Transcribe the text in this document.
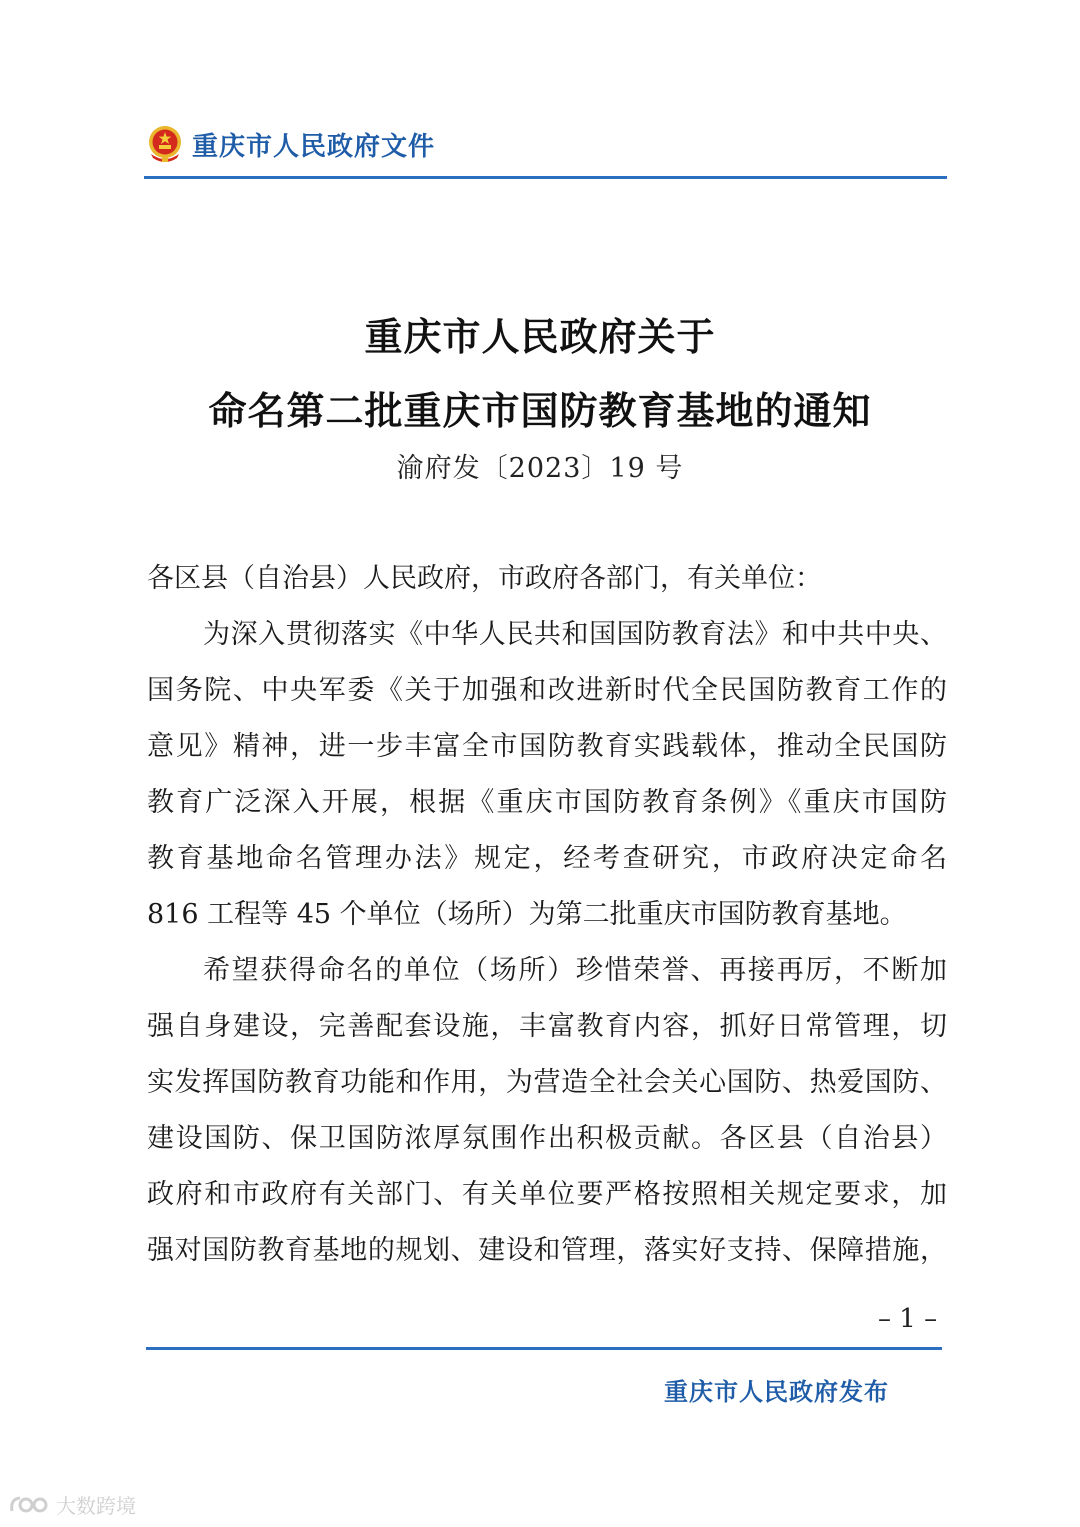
重庆市人民政府文件
重庆市人民政府关于
命名第二批重庆市国防教育基地的通知
渝府发〔2023〕19 号
各区县（自治县）人民政府，市政府各部门，有关单位：
为深入贯彻落实《中华人民共和国国防教育法》和中共中央、
国务院、中央军委《关于加强和改进新时代全民国防教育工作的
意见》精神，进一步丰富全市国防教育实践载体，推动全民国防
教育广泛深入开展，根据《重庆市国防教育条例》《重庆市国防
教育基地命名管理办法》规定，经考查研究，市政府决定命名
816 工程等 45 个单位（场所）为第二批重庆市国防教育基地。
希望获得命名的单位（场所）珍惜荣誉、再接再厉，不断加
强自身建设，完善配套设施，丰富教育内容，抓好日常管理，切
实发挥国防教育功能和作用，为营造全社会关心国防、热爱国防、
建设国防、保卫国防浓厚氛围作出积极贡献。各区县（自治县）
政府和市政府有关部门、有关单位要严格按照相关规定要求，加
强对国防教育基地的规划、建设和管理，落实好支持、保障措施，
– 1 –
重庆市人民政府发布
大数跨境
